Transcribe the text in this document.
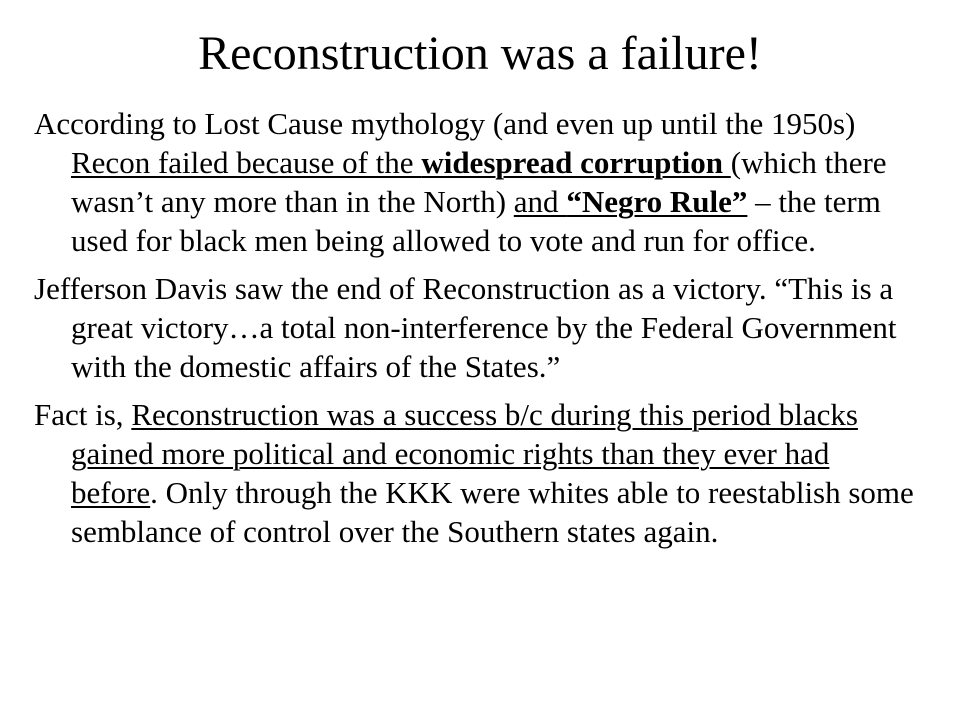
Reconstruction was a failure!

According to Lost Cause mythology (and even up until the 1950s) Recon failed because of the widespread corruption (which there wasn’t any more than in the North) and “Negro Rule” – the term used for black men being allowed to vote and run for office.

Jefferson Davis saw the end of Reconstruction as a victory. “This is a great victory…a total non-interference by the Federal Government with the domestic affairs of the States.”

Fact is, Reconstruction was a success b/c during this period blacks gained more political and economic rights than they ever had before. Only through the KKK were whites able to reestablish some semblance of control over the Southern states again.
